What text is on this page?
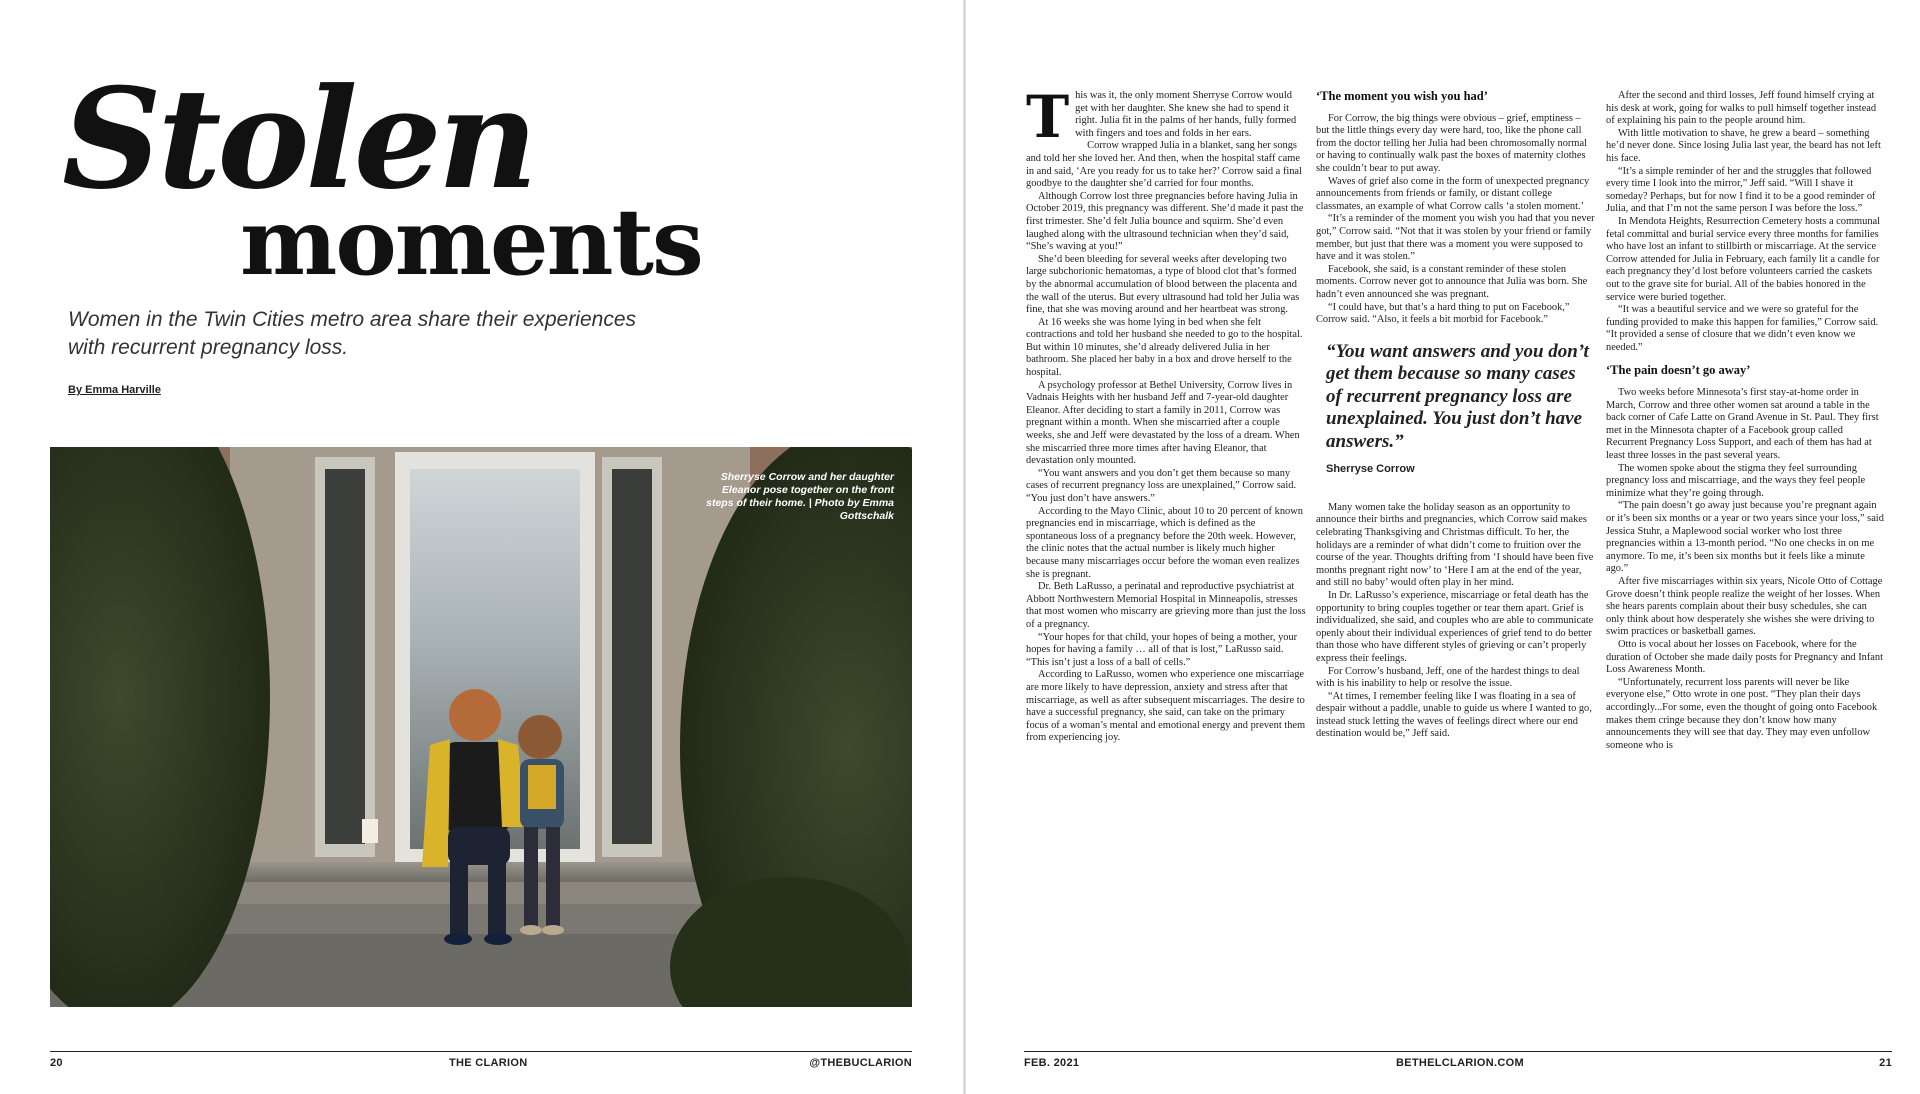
Stolen
moments
Women in the Twin Cities metro area share their experiences with recurrent pregnancy loss.
By Emma Harville
Sherryse Corrow and her daughter Eleanor pose together on the front steps of their home. | Photo by Emma Gottschalk
20	THE CLARION	@THEBUCLARION
T his was it, the only moment Sherryse Corrow would get with her daughter. She knew she had to spend it right. Julia fit in the palms of her hands, fully formed with fingers and toes and folds in her ears.

Corrow wrapped Julia in a blanket, sang her songs and told her she loved her. And then, when the hospital staff came in and said, ‘Are you ready for us to take her?’ Corrow said a final goodbye to the daughter she’d carried for four months.

Although Corrow lost three pregnancies before having Julia in October 2019, this pregnancy was different. She’d made it past the first trimester. She’d felt Julia bounce and squirm. She’d even laughed along with the ultrasound technician when they’d said, “She’s waving at you!”

She’d been bleeding for several weeks after developing two large subchorionic hematomas, a type of blood clot that’s formed by the abnormal accumulation of blood between the placenta and the wall of the uterus. But every ultrasound had told her Julia was fine, that she was moving around and her heartbeat was strong.

At 16 weeks she was home lying in bed when she felt contractions and told her husband she needed to go to the hospital. But within 10 minutes, she’d already delivered Julia in her bathroom. She placed her baby in a box and drove herself to the hospital.

A psychology professor at Bethel University, Corrow lives in Vadnais Heights with her husband Jeff and 7-year-old daughter Eleanor. After deciding to start a family in 2011, Corrow was pregnant within a month. When she miscarried after a couple weeks, she and Jeff were devastated by the loss of a dream. When she miscarried three more times after having Eleanor, that devastation only mounted.

“You want answers and you don’t get them because so many cases of recurrent pregnancy loss are unexplained,” Corrow said. “You just don’t have answers.”

According to the Mayo Clinic, about 10 to 20 percent of known pregnancies end in miscarriage, which is defined as the spontaneous loss of a pregnancy before the 20th week. However, the clinic notes that the actual number is likely much higher because many miscarriages occur before the woman even realizes she is pregnant.

Dr. Beth LaRusso, a perinatal and reproductive psychiatrist at Abbott Northwestern Memorial Hospital in Minneapolis, stresses that most women who miscarry are grieving more than just the loss of a pregnancy.

“Your hopes for that child, your hopes of being a mother, your hopes for having a family … all of that is lost,” LaRusso said. “This isn’t just a loss of a ball of cells.”

According to LaRusso, women who experience one miscarriage are more likely to have depression, anxiety and stress after that miscarriage, as well as after subsequent miscarriages. The desire to have a successful pregnancy, she said, can take on the primary focus of a woman’s mental and emotional energy and prevent them from experiencing joy.

‘The moment you wish you had’

For Corrow, the big things were obvious – grief, emptiness – but the little things every day were hard, too, like the phone call from the doctor telling her Julia had been chromosomally normal or having to continually walk past the boxes of maternity clothes she couldn’t bear to put away.

Waves of grief also come in the form of unexpected pregnancy announcements from friends or family, or distant college classmates, an example of what Corrow calls ‘a stolen moment.’

“It’s a reminder of the moment you wish you had that you never got,” Corrow said. “Not that it was stolen by your friend or family member, but just that there was a moment you were supposed to have and it was stolen.”

Facebook, she said, is a constant reminder of these stolen moments. Corrow never got to announce that Julia was born. She hadn’t even announced she was pregnant.

“I could have, but that’s a hard thing to put on Facebook,” Corrow said. “Also, it feels a bit morbid for Facebook.”

“You want answers and you don’t get them because so many cases of recurrent pregnancy loss are unexplained. You just don’t have answers.”
Sherryse Corrow

Many women take the holiday season as an opportunity to announce their births and pregnancies, which Corrow said makes celebrating Thanksgiving and Christmas difficult. To her, the holidays are a reminder of what didn’t come to fruition over the course of the year. Thoughts drifting from ‘I should have been five months pregnant right now’ to ‘Here I am at the end of the year, and still no baby’ would often play in her mind.

In Dr. LaRusso’s experience, miscarriage or fetal death has the opportunity to bring couples together or tear them apart. Grief is individualized, she said, and couples who are able to communicate openly about their individual experiences of grief tend to do better than those who have different styles of grieving or can’t properly express their feelings.

For Corrow’s husband, Jeff, one of the hardest things to deal with is his inability to help or resolve the issue.

“At times, I remember feeling like I was floating in a sea of despair without a paddle, unable to guide us where I wanted to go, instead stuck letting the waves of feelings direct where our end destination would be,” Jeff said.

After the second and third losses, Jeff found himself crying at his desk at work, going for walks to pull himself together instead of explaining his pain to the people around him.

With little motivation to shave, he grew a beard – something he’d never done. Since losing Julia last year, the beard has not left his face.

“It’s a simple reminder of her and the struggles that followed every time I look into the mirror,” Jeff said. “Will I shave it someday? Perhaps, but for now I find it to be a good reminder of Julia, and that I’m not the same person I was before the loss.”

In Mendota Heights, Resurrection Cemetery hosts a communal fetal committal and burial service every three months for families who have lost an infant to stillbirth or miscarriage. At the service Corrow attended for Julia in February, each family lit a candle for each pregnancy they’d lost before volunteers carried the caskets out to the grave site for burial. All of the babies honored in the service were buried together.

“It was a beautiful service and we were so grateful for the funding provided to make this happen for families,” Corrow said. “It provided a sense of closure that we didn’t even know we needed.”

‘The pain doesn’t go away’

Two weeks before Minnesota’s first stay-at-home order in March, Corrow and three other women sat around a table in the back corner of Cafe Latte on Grand Avenue in St. Paul. They first met in the Minnesota chapter of a Facebook group called Recurrent Pregnancy Loss Support, and each of them has had at least three losses in the past several years.

The women spoke about the stigma they feel surrounding pregnancy loss and miscarriage, and the ways they feel people minimize what they’re going through.

“The pain doesn’t go away just because you’re pregnant again or it’s been six months or a year or two years since your loss,” said Jessica Stuhr, a Maplewood social worker who lost three pregnancies within a 13-month period. “No one checks in on me anymore. To me, it’s been six months but it feels like a minute ago.”

After five miscarriages within six years, Nicole Otto of Cottage Grove doesn’t think people realize the weight of her losses. When she hears parents complain about their busy schedules, she can only think about how desperately she wishes she were driving to swim practices or basketball games.

Otto is vocal about her losses on Facebook, where for the duration of October she made daily posts for Pregnancy and Infant Loss Awareness Month.

“Unfortunately, recurrent loss parents will never be like everyone else,” Otto wrote in one post. “They plan their days accordingly...For some, even the thought of going onto Facebook makes them cringe because they don’t know how many announcements they will see that day. They may even unfollow someone who is

FEB. 2021	BETHELCLARION.COM	21
